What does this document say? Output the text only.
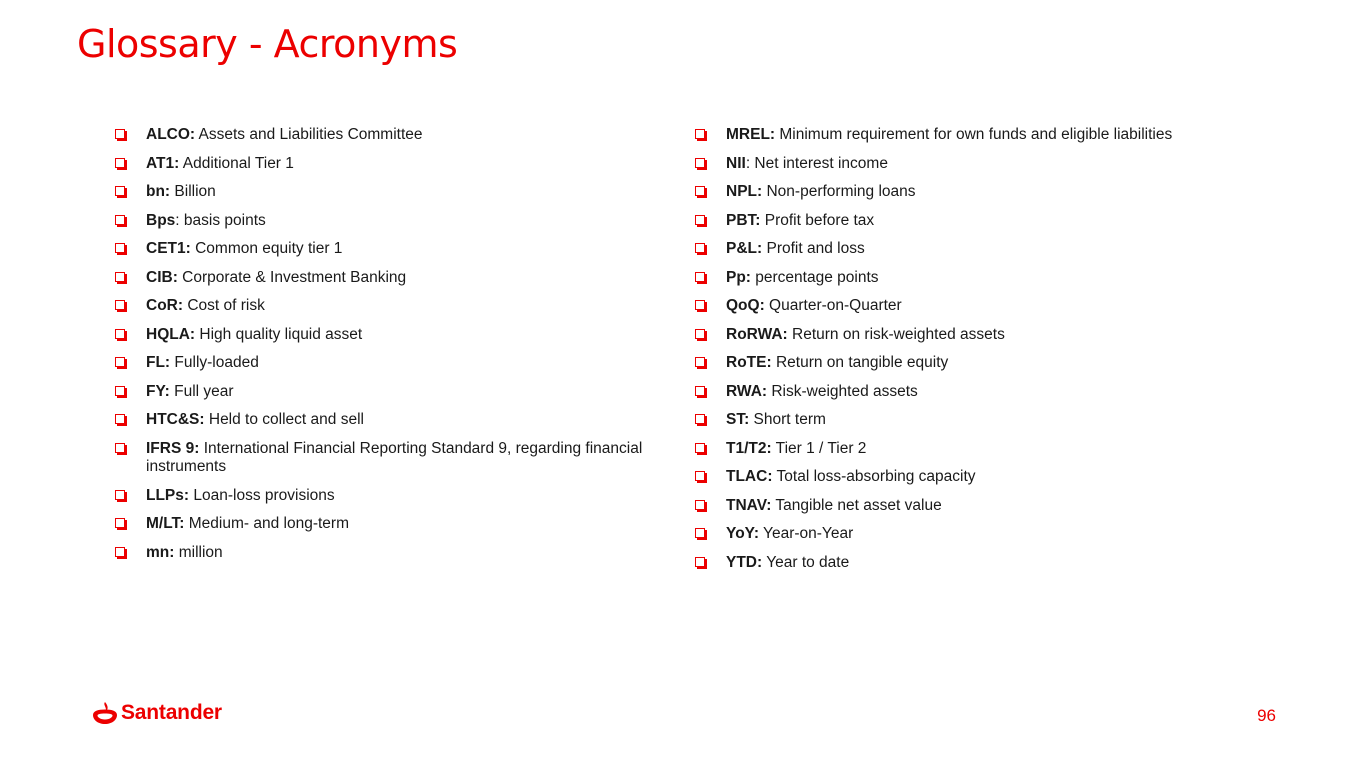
Glossary - Acronyms
ALCO: Assets and Liabilities Committee
AT1: Additional Tier 1
bn: Billion
Bps: basis points
CET1: Common equity tier 1
CIB: Corporate & Investment Banking
CoR: Cost of risk
HQLA: High quality liquid asset
FL: Fully-loaded
FY: Full year
HTC&S: Held to collect and sell
IFRS 9: International Financial Reporting Standard 9, regarding financial instruments
LLPs: Loan-loss provisions
M/LT: Medium- and long-term
mn: million
MREL: Minimum requirement for own funds and eligible liabilities
NII: Net interest income
NPL: Non-performing loans
PBT: Profit before tax
P&L: Profit and loss
Pp: percentage points
QoQ: Quarter-on-Quarter
RoRWA: Return on risk-weighted assets
RoTE: Return on tangible equity
RWA: Risk-weighted assets
ST: Short term
T1/T2: Tier 1 / Tier 2
TLAC: Total loss-absorbing capacity
TNAV: Tangible net asset value
YoY: Year-on-Year
YTD: Year to date
Santander	96
